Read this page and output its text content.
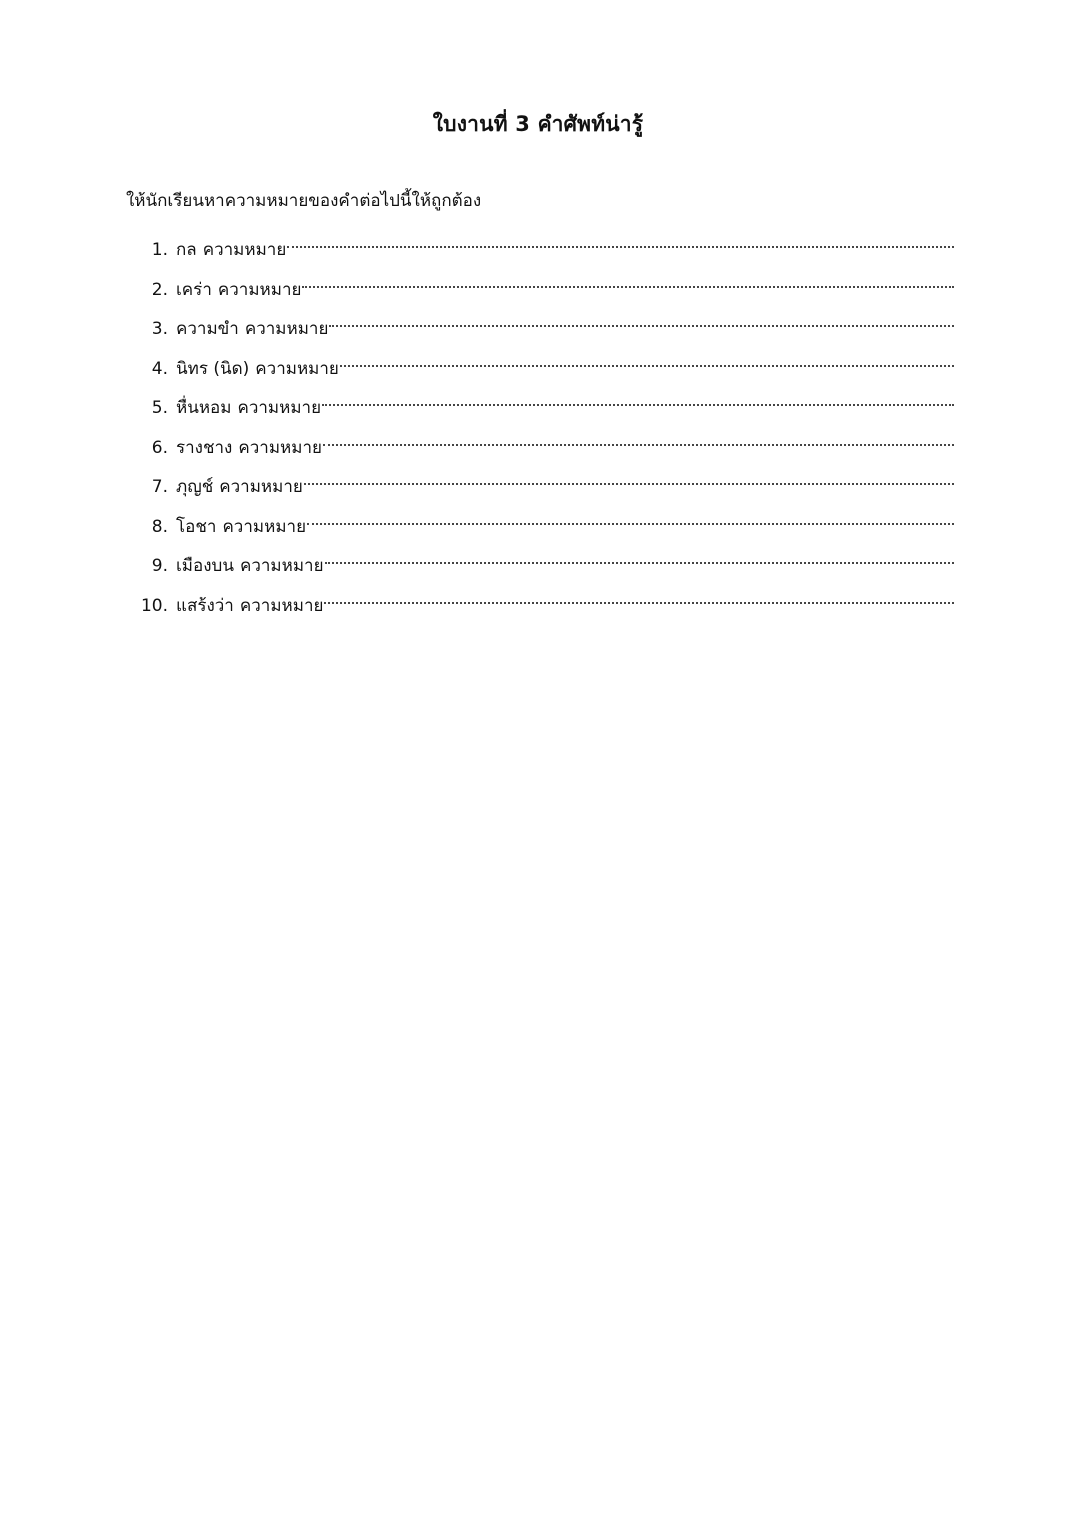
ใบงานที่ 3 คำศัพท์น่ารู้
ให้นักเรียนหาความหมายของคำต่อไปนี้ให้ถูกต้อง
1. กล ความหมาย
2. เคร่า ความหมาย
3. ความขำ ความหมาย
4. นิทร (นิด) ความหมาย
5. หื่นหอม ความหมาย
6. รางชาง ความหมาย
7. ภุญช์ ความหมาย
8. โอชา ความหมาย
9. เมืองบน ความหมาย
10. แสร้งว่า ความหมาย
